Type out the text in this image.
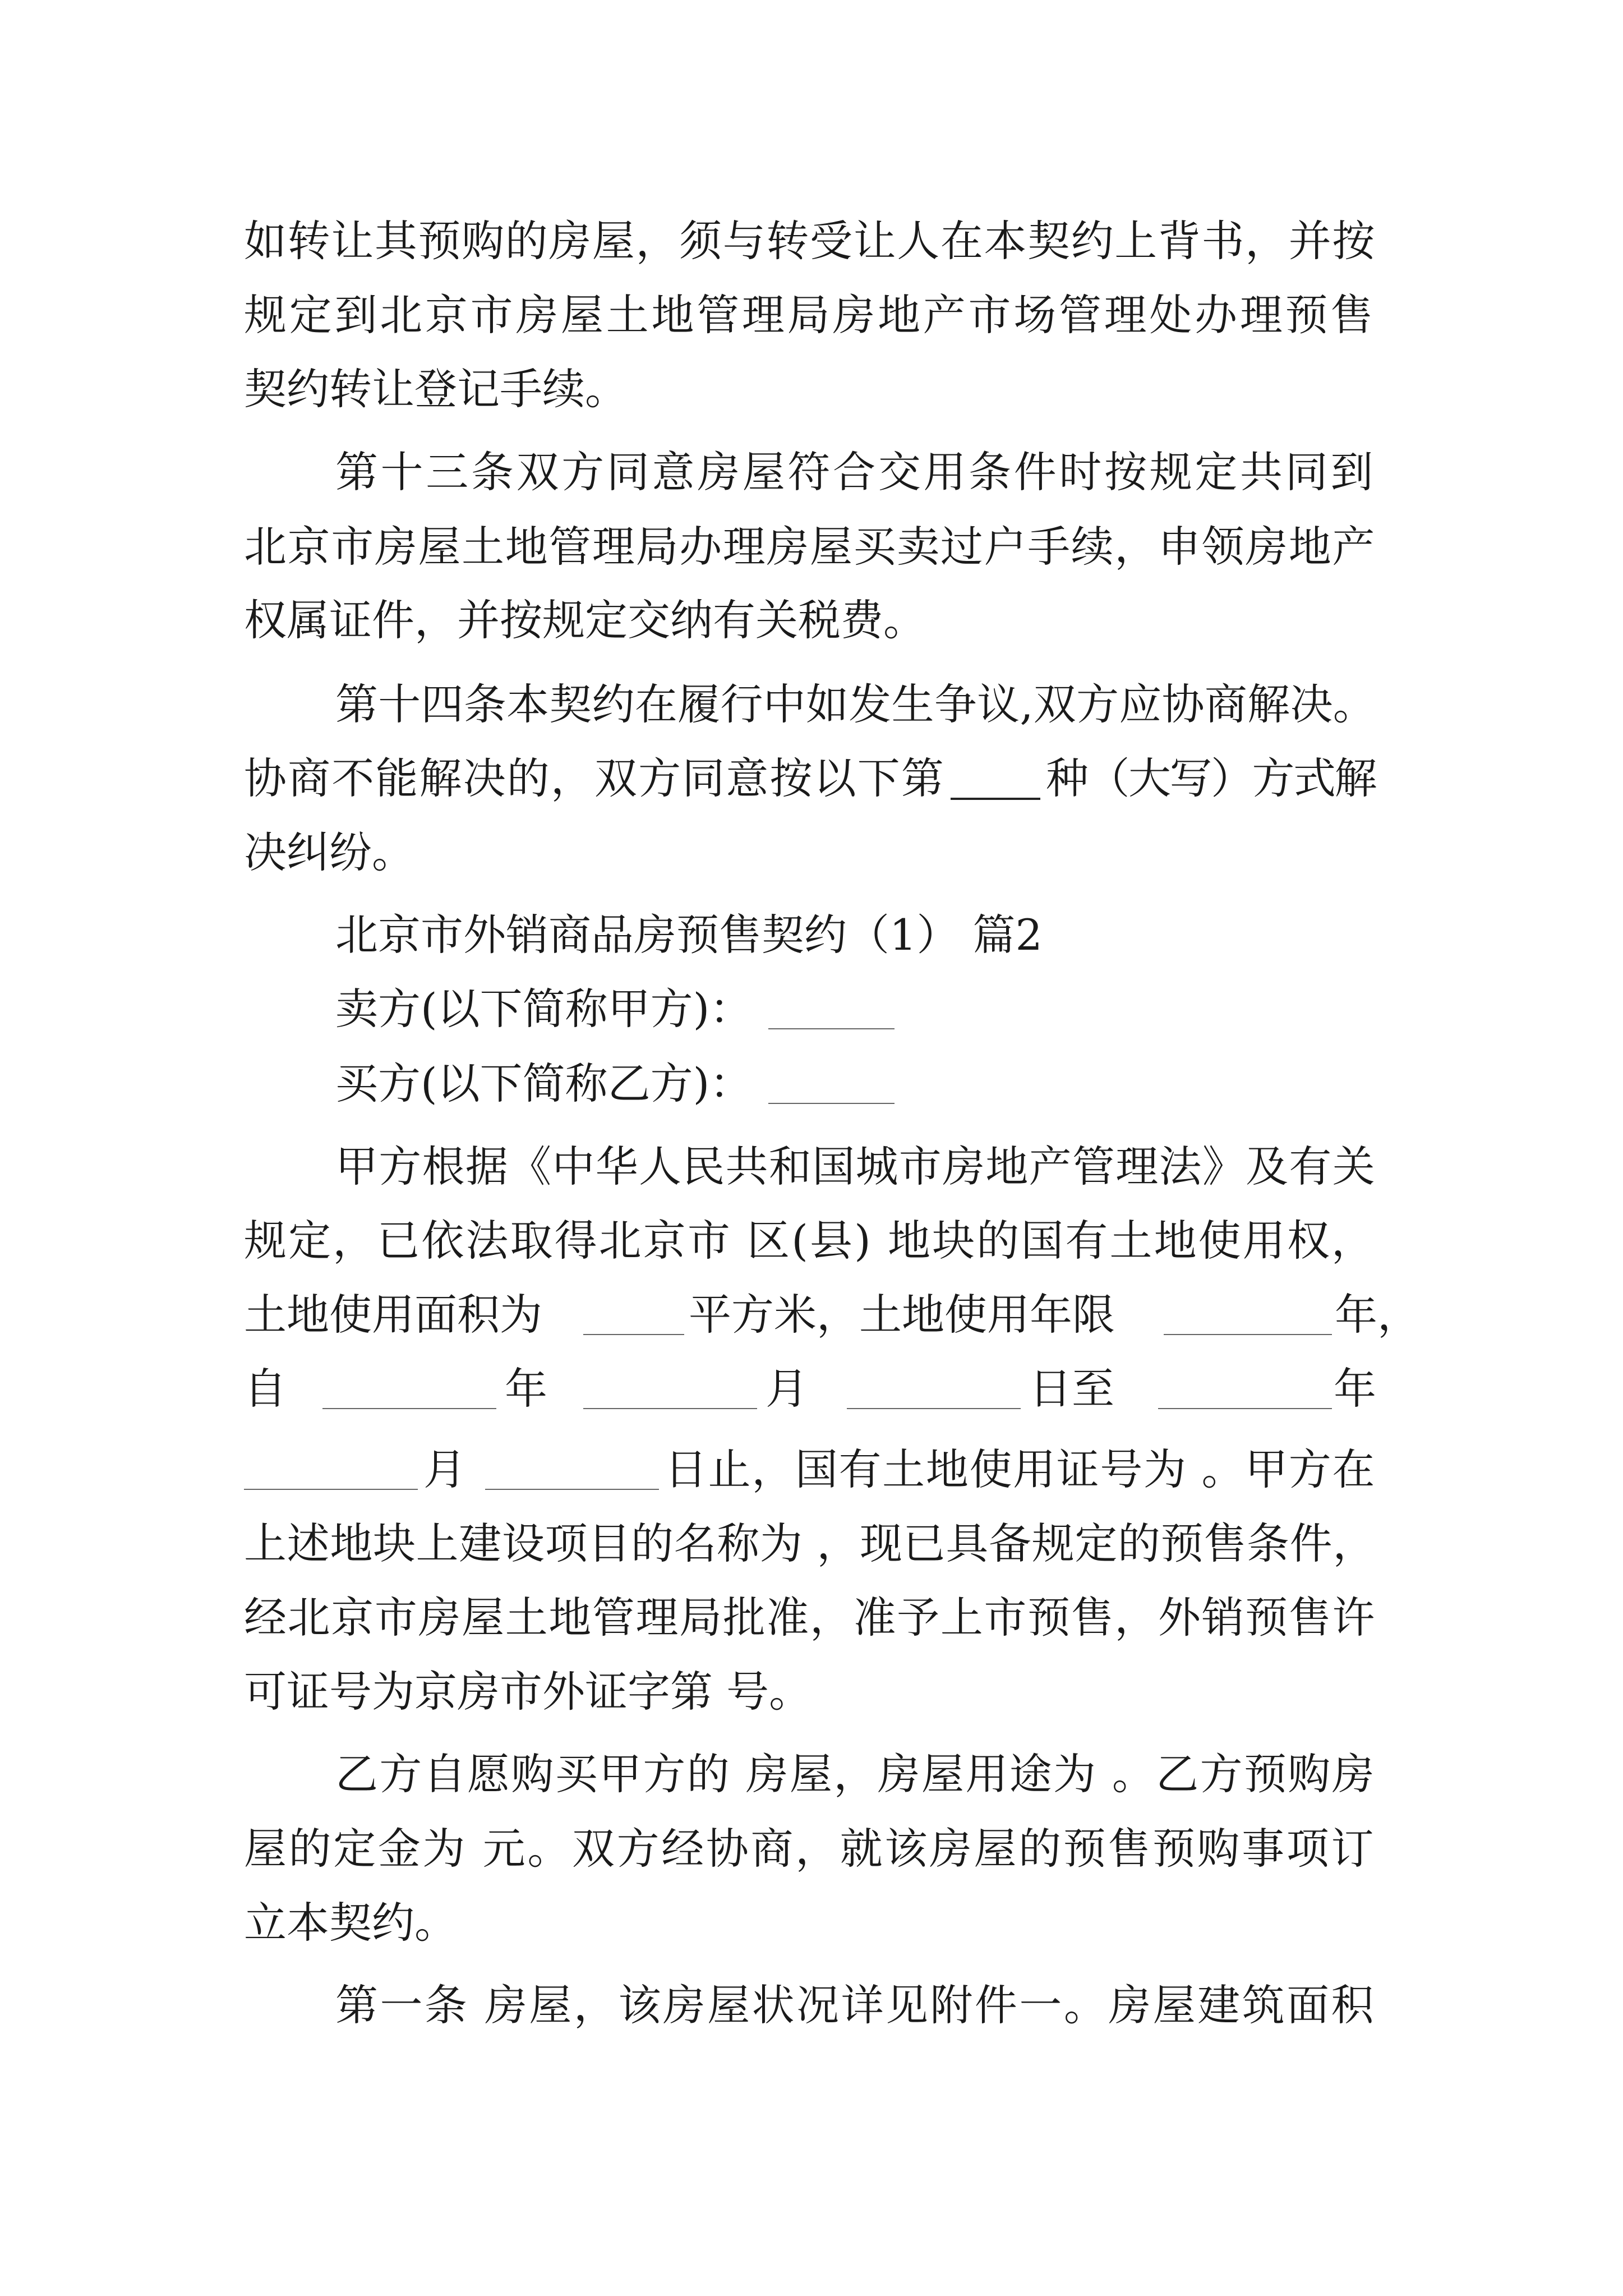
如转让其预购的房屋，须与转受让人在本契约上背书，并按
规定到北京市房屋土地管理局房地产市场管理处办理预售
契约转让登记手续。
第十三条双方同意房屋符合交用条件时按规定共同到
北京市房屋土地管理局办理房屋买卖过户手续，申领房地产
权属证件，并按规定交纳有关税费。
第十四条本契约在履行中如发生争议,双方应协商解决。
协商不能解决的，双方同意按以下第 种（大写）方式解
决纠纷。
北京市外销商品房预售契约（1） 篇2
卖方(以下简称甲方)：
买方(以下简称乙方)：
甲方根据《中华人民共和国城市房地产管理法》及有关
规定，已依法取得北京市 区(县) 地块的国有土地使用权，
土地使用面积为	平方米，土地使用年限	年，
自	年	月	日至	年
月	日止，国有土地使用证号为 。甲方在
上述地块上建设项目的名称为 ，现已具备规定的预售条件，
经北京市房屋土地管理局批准，准予上市预售，外销预售许
可证号为京房市外证字第 号。
乙方自愿购买甲方的 房屋，房屋用途为 。乙方预购房
屋的定金为 元。双方经协商，就该房屋的预售预购事项订
立本契约。
第一条 房屋，该房屋状况详见附件一。房屋建筑面积
